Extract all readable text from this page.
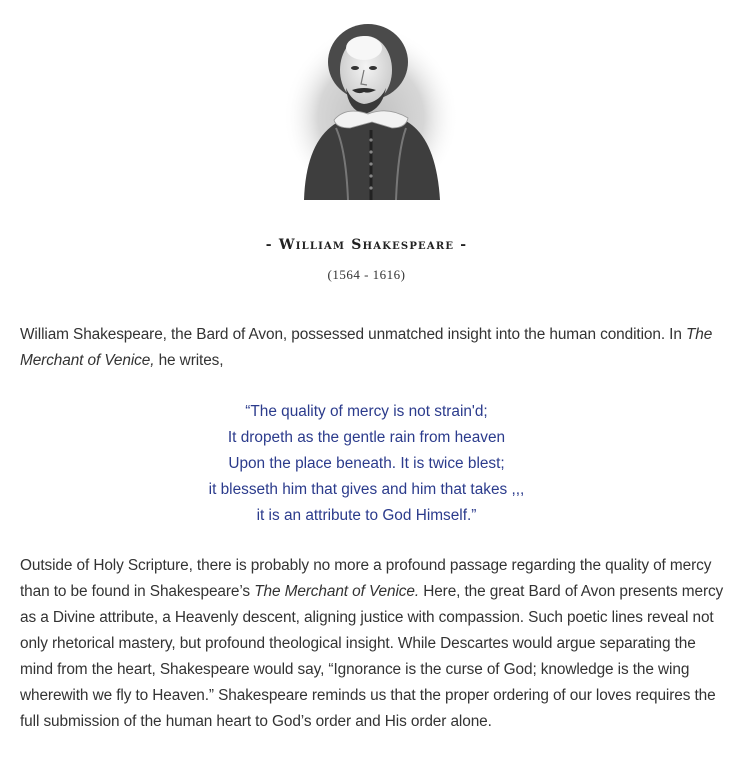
- William Shakespeare -
(1564 - 1616)
William Shakespeare, the Bard of Avon, possessed unmatched insight into the human condition. In The Merchant of Venice, he writes,
“The quality of mercy is not strain'd;
It dropeth as the gentle rain from heaven
Upon the place beneath. It is twice blest;
it blesseth him that gives and him that takes ,,,
it is an attribute to God Himself.”
Outside of Holy Scripture, there is probably no more a profound passage regarding the quality of mercy than to be found in Shakespeare’s The Merchant of Venice. Here, the great Bard of Avon presents mercy as a Divine attribute, a Heavenly descent, aligning justice with compassion. Such poetic lines reveal not only rhetorical mastery, but profound theological insight. While Descartes would argue separating the mind from the heart, Shakespeare would say, “Ignorance is the curse of God; knowledge is the wing wherewith we fly to Heaven.” Shakespeare reminds us that the proper ordering of our loves requires the full submission of the human heart to God’s order and His order alone.
